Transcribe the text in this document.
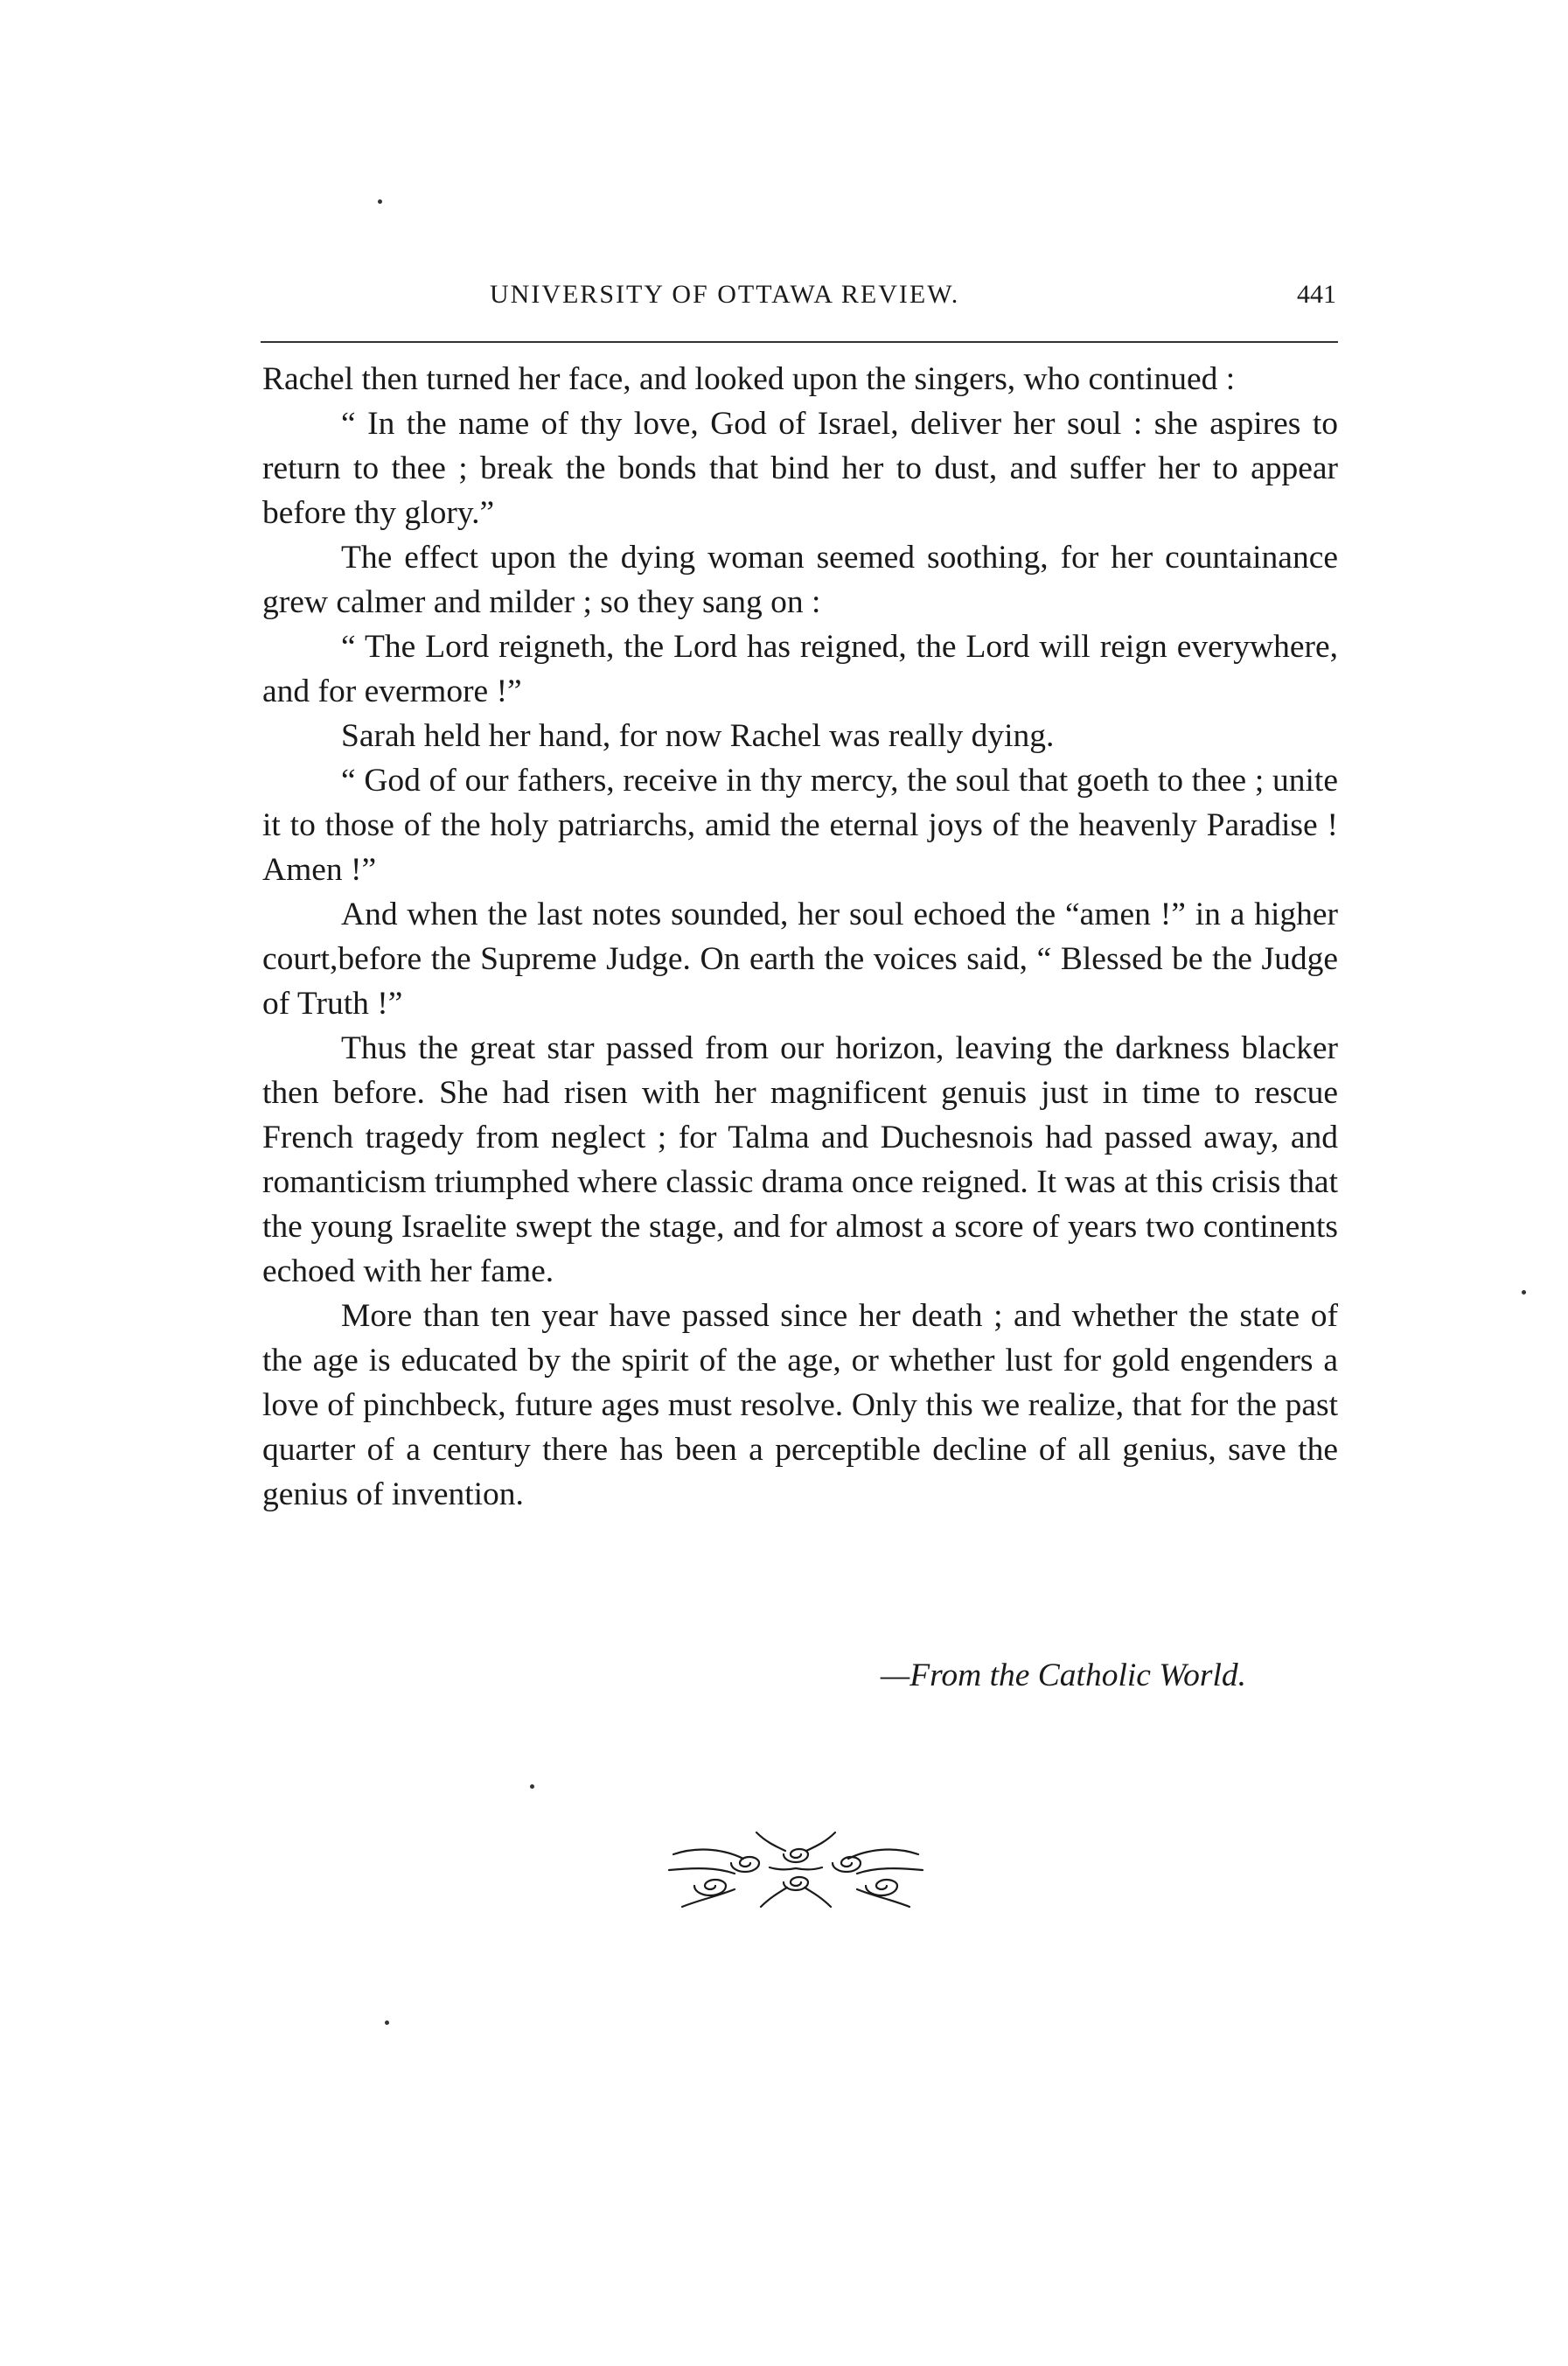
UNIVERSITY OF OTTAWA REVIEW.	441

Rachel then turned her face, and looked upon the singers, who continued :

“ In the name of thy love, God of Israel, deliver her soul : she aspires to return to thee ; break the bonds that bind her to dust, and suffer her to appear before thy glory.”

The effect upon the dying woman seemed soothing, for her countainance grew calmer and milder ; so they sang on :

“ The Lord reigneth, the Lord has reigned, the Lord will reign everywhere, and for evermore !”

Sarah held her hand, for now Rachel was really dying.

“ God of our fathers, receive in thy mercy, the soul that goeth to thee ; unite it to those of the holy patriarchs, amid the eternal joys of the heavenly Paradise ! Amen !”

And when the last notes sounded, her soul echoed the “amen !” in a higher court,before the Supreme Judge. On earth the voices said, “ Blessed be the Judge of Truth !”

Thus the great star passed from our horizon, leaving the darkness blacker then before. She had risen with her magnificent genuis just in time to rescue French tragedy from neglect ; for Talma and Duchesnois had passed away, and romanticism triumphed where classic drama once reigned. It was at this crisis that the young Israelite swept the stage, and for almost a score of years two continents echoed with her fame.

More than ten year have passed since her death ; and whether the state of the age is educated by the spirit of the age, or whether lust for gold engenders a love of pinchbeck, future ages must resolve. Only this we realize, that for the past quarter of a century there has been a perceptible decline of all genius, save the genius of invention.

—From the Catholic World.
